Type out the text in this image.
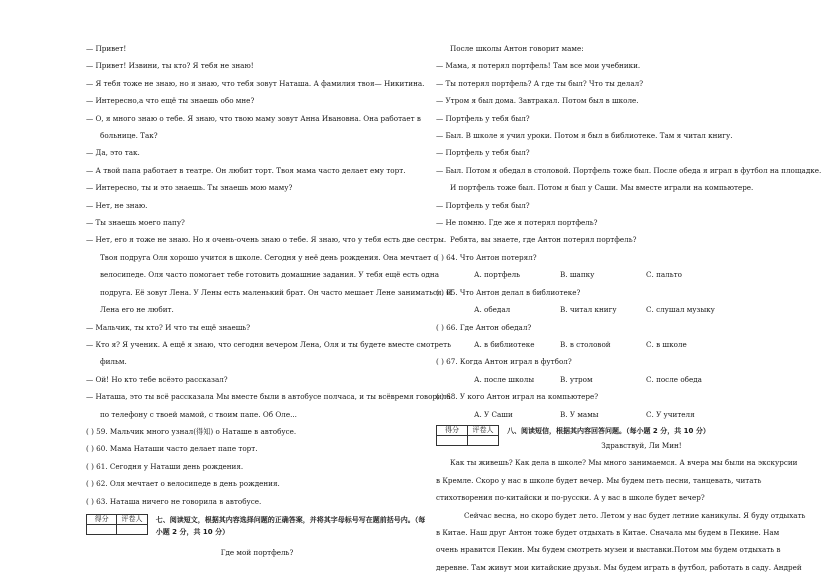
— Привет!
— Привет! Извини, ты кто? Я тебя не знаю!
— Я тебя тоже не знаю, но я знаю, что тебя зовут Наташа. А фамилия твоя— Никитина.
— Интересно,а что ещё ты знаешь обо мне?
— О, я много знаю о тебе. Я знаю, что твою маму зовут Анна Ивановна. Она работает в
больнице. Так?
— Да, это так.
— А твой папа работает в театре. Он любит торт. Твоя мама часто делает ему торт.
— Интересно, ты и это знаешь. Ты знаешь мою маму?
— Нет, не знаю.
— Ты знаешь моего папу?
— Нет, его я тоже не знаю. Но я очень-очень знаю о тебе. Я знаю, что у тебя есть две сестры.
Твоя подруга Оля хорошо учится в школе. Сегодня у неё день рождения. Она мечтает о
велосипеде. Оля часто помогает тебе готовить домашние задания. У тебя ещё есть одна
подруга. Её зовут Лена. У Лены есть маленький брат. Он часто мешает Лене заниматься. И
Лена его не любит.
— Мальчик, ты кто? И что ты ещё знаешь?
— Кто я? Я ученик. А ещё я знаю, что сегодня вечером Лена, Оля и ты будете вместе смотреть
фильм.
— Ой! Но кто тебе всёэто рассказал?
— Наташа, это ты всё рассказала Мы вместе были в автобусе полчаса, и ты всёвремя говорила
по телефону с твоей мамой, с твоим папе. Об Оле...
( ) 59. Мальчик много узнал(得知) о Наташе в автобусе.
( ) 60. Мама Наташи часто делает папе торт.
( ) 61. Сегодня у Наташи день рождения.
( ) 62. Оля мечтает о велосипеде в день рождения.
( ) 63. Наташа ничего не говорила в автобусе.
得分	评卷人
	七、阅读短文，根据其内容选择问题的正确答案，并将其字母标号写在题前括号内。（每小题 2 分，共 10 分）
Где мой портфель?
После школы Антон говорит маме:
— Мама, я потерял портфель! Там все мои учебники.
— Ты потерял портфель? А где ты был? Что ты делал?
— Утром я был дома. Завтракал. Потом был в школе.
— Портфель у тебя был?
— Был. В школе я учил уроки. Потом я был в библиотеке. Там я читал книгу.
— Портфель у тебя был?
— Был. Потом я обедал в столовой. Портфель тоже был. После обеда я играл в футбол на площадке.
И портфель тоже был. Потом я был у Саши. Мы вместе играли на компьютере.
— Портфель у тебя был?
— Не помню. Где же я потерял портфель?
Ребята, вы знаете, где Антон потерял портфель?
( ) 64. Что Антон потерял?
А. портфель	В. шапку	С. пальто
( ) 65. Что Антон делал в библиотеке?
А. обедал	В. читал книгу	С. слушал музыку
( ) 66. Где Антон обедал?
А. в библиотеке	В. в столовой	С. в школе
( ) 67. Когда Антон играл в футбол?
А. после школы	В. утром	С. после обеда
( ) 68. У кого Антон играл на компьютере?
А. У Саши	В. У мамы	С. У учителя
得分	评卷人
	八、阅读短信，根据其内容回答问题。（每小题 2 分，共 10 分）
Здравствуй, Ли Мин!
Как ты живешь? Как дела в школе? Мы много занимаемся. А вчера мы были на экскурсии
в Кремле. Скоро у нас в школе будет вечер. Мы будем петь песни, танцевать, читать
стихотворения по-китайски и по-русски. А у вас в школе будет вечер?
Сейчас весна, но скоро будет лето. Летом у нас будет летние каникулы. Я буду отдыхать
в Китае. Наш друг Антон тоже будет отдыхать в Китае. Сначала мы будем в Пекине. Нам
очень нравится Пекин. Мы будем смотреть музеи и выставки.Потом мы будем отдыхать в
деревне. Там живут мои китайские друзья. Мы будем играть в футбол, работать в саду. Андрей
